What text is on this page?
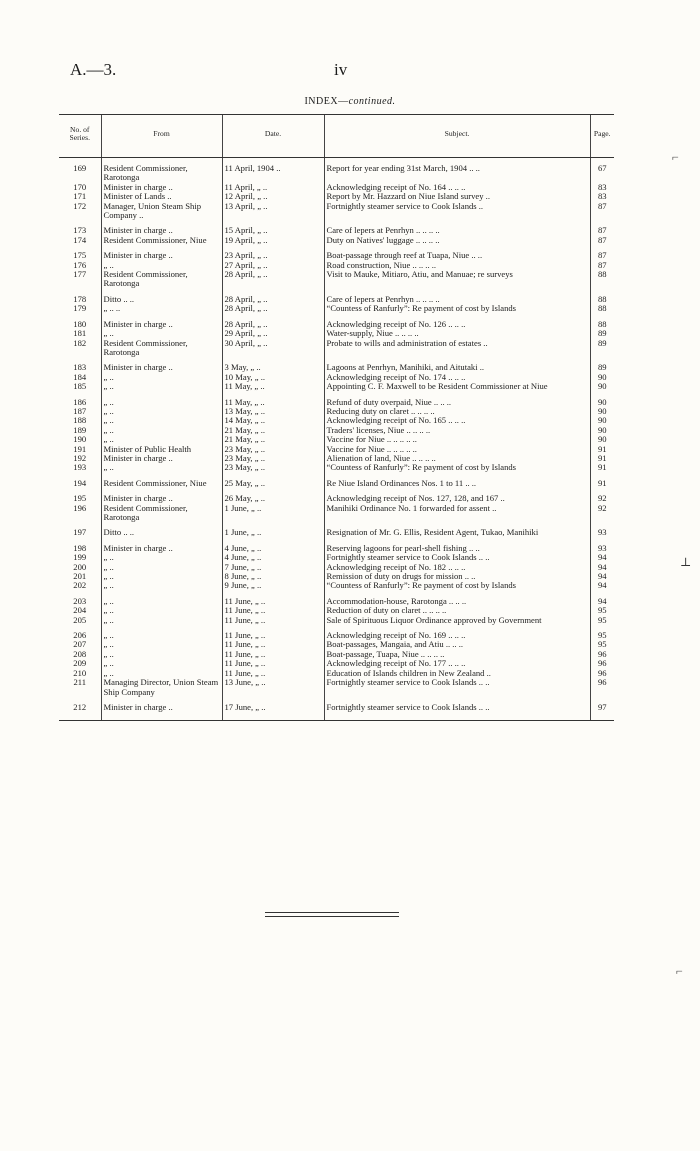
A.—3.	iv
INDEX—continued.
No. of Series.	From	Date.	Subject.	Page.
169	Resident Commissioner, Rarotonga	11 April, 1904 ..	Report for year ending 31st March, 1904 .. ..	67
170	Minister in charge ..	11 April, „ ..	Acknowledging receipt of No. 164 .. .. ..	83
171	Minister of Lands ..	12 April, „ ..	Report by Mr. Hazzard on Niue Island survey ..	83
172	Manager, Union Steam Ship Company ..	13 April, „ ..	Fortnightly steamer service to Cook Islands ..	87
173	Minister in charge ..	15 April, „ ..	Care of lepers at Penrhyn .. .. .. ..	87
174	Resident Commissioner, Niue	19 April, „ ..	Duty on Natives' luggage .. .. .. ..	87
175	Minister in charge ..	23 April, „ ..	Boat-passage through reef at Tuapa, Niue .. ..	87
176	„ ..	27 April, „ ..	Road construction, Niue .. .. .. ..	87
177	Resident Commissioner, Rarotonga	28 April, „ ..	Visit to Mauke, Mitiaro, Atiu, and Manuae; re surveys	88
178	Ditto .. ..	28 April, „ ..	Care of lepers at Penrhyn .. .. .. ..	88
179	„ .. ..	28 April, „ ..	“Countess of Ranfurly”: Re payment of cost by Islands	88
180	Minister in charge ..	28 April, „ ..	Acknowledging receipt of No. 126 .. .. ..	88
181	„ ..	29 April, „ ..	Water-supply, Niue .. .. .. ..	89
182	Resident Commissioner, Rarotonga	30 April, „ ..	Probate to wills and administration of estates ..	89
183	Minister in charge ..	3 May, „ ..	Lagoons at Penrhyn, Manihiki, and Aitutaki ..	89
184	„ ..	10 May, „ ..	Acknowledging receipt of No. 174 .. .. ..	90
185	„ ..	11 May, „ ..	Appointing C. F. Maxwell to be Resident Commissioner at Niue	90
186	„ ..	11 May, „ ..	Refund of duty overpaid, Niue .. .. ..	90
187	„ ..	13 May, „ ..	Reducing duty on claret .. .. .. ..	90
188	„ ..	14 May, „ ..	Acknowledging receipt of No. 165 .. .. ..	90
189	„ ..	21 May, „ ..	Traders' licenses, Niue .. .. .. ..	90
190	„ ..	21 May, „ ..	Vaccine for Niue .. .. .. .. ..	90
191	Minister of Public Health	23 May, „ ..	Vaccine for Niue .. .. .. .. ..	91
192	Minister in charge ..	23 May, „ ..	Alienation of land, Niue .. .. .. ..	91
193	„ ..	23 May, „ ..	“Countess of Ranfurly”: Re payment of cost by Islands	91
194	Resident Commissioner, Niue	25 May, „ ..	Re Niue Island Ordinances Nos. 1 to 11 .. ..	91
195	Minister in charge ..	26 May, „ ..	Acknowledging receipt of Nos. 127, 128, and 167 ..	92
196	Resident Commissioner, Rarotonga	1 June, „ ..	Manihiki Ordinance No. 1 forwarded for assent ..	92
197	Ditto .. ..	1 June, „ ..	Resignation of Mr. G. Ellis, Resident Agent, Tukao, Manihiki	93
198	Minister in charge ..	4 June, „ ..	Reserving lagoons for pearl-shell fishing .. ..	93
199	„ ..	4 June, „ ..	Fortnightly steamer service to Cook Islands .. ..	94
200	„ ..	7 June, „ ..	Acknowledging receipt of No. 182 .. .. ..	94
201	„ ..	8 June, „ ..	Remission of duty on drugs for mission .. ..	94
202	„ ..	9 June, „ ..	“Countess of Ranfurly”: Re payment of cost by Islands	94
203	„ ..	11 June, „ ..	Accommodation-house, Rarotonga .. .. ..	94
204	„ ..	11 June, „ ..	Reduction of duty on claret .. .. .. ..	95
205	„ ..	11 June, „ ..	Sale of Spirituous Liquor Ordinance approved by Government	95
206	„ ..	11 June, „ ..	Acknowledging receipt of No. 169 .. .. ..	95
207	„ ..	11 June, „ ..	Boat-passages, Mangaia, and Atiu .. .. ..	95
208	„ ..	11 June, „ ..	Boat-passage, Tuapa, Niue .. .. .. ..	96
209	„ ..	11 June, „ ..	Acknowledging receipt of No. 177 .. .. ..	96
210	„ ..	11 June, „ ..	Education of Islands children in New Zealand ..	96
211	Managing Director, Union Steam Ship Company	13 June, „ ..	Fortnightly steamer service to Cook Islands .. ..	96
212	Minister in charge ..	17 June, „ ..	Fortnightly steamer service to Cook Islands .. ..	97
⌐
⊥
⌐
